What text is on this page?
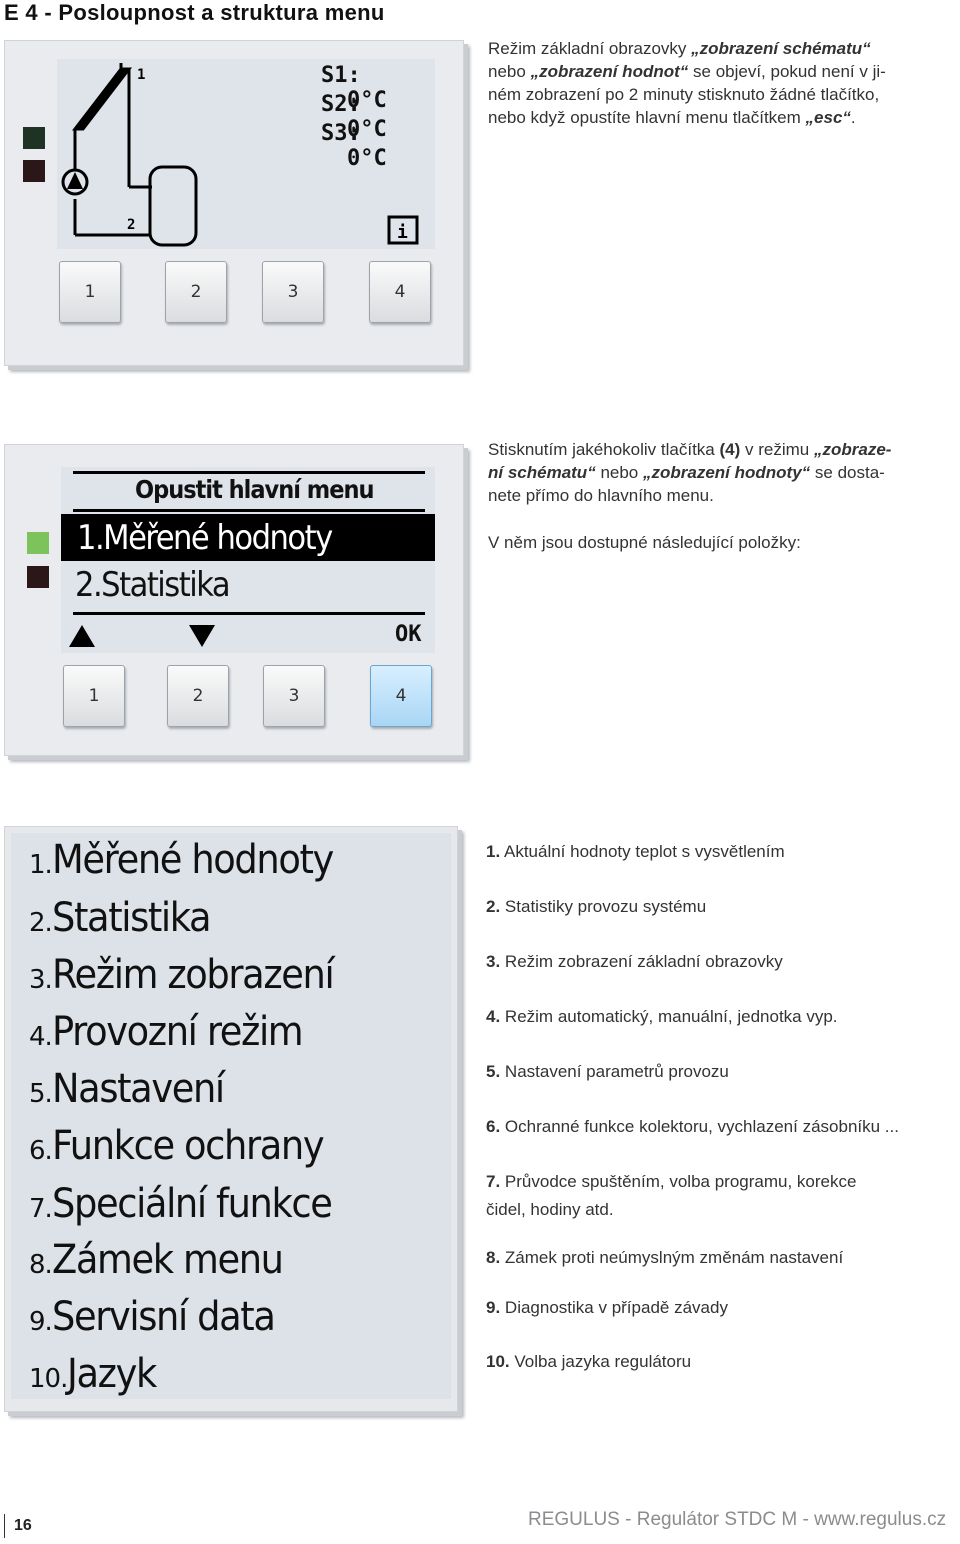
E 4 - Posloupnost a struktura menu
1
2	i
S1: 0°C
S2: 0°C
S3: 0°C
1	2	3	4
Režim základní obrazovky „zobrazení schématu“
nebo „zobrazení hodnot“ se objeví, pokud není v ji-
ném zobrazení po 2 minuty stisknuto žádné tlačítko,
nebo když opustíte hlavní menu tlačítkem „esc“.
Opustit hlavní menu
1.Měřené hodnoty
2.Statistika
OK
1	2	3	4
Stisknutím jakéhokoliv tlačítka (4) v režimu „zobraze-
ní schématu“ nebo „zobrazení hodnoty“ se dosta-
nete přímo do hlavního menu.
V něm jsou dostupné následující položky:
1.Měřené hodnoty
2.Statistika
3.Režim zobrazení
4.Provozní režim
5.Nastavení
6.Funkce ochrany
7.Speciální funkce
8.Zámek menu
9.Servisní data
10.Jazyk
1. Aktuální hodnoty teplot s vysvětlením
2. Statistiky provozu systému
3. Režim zobrazení základní obrazovky
4. Režim automatický, manuální, jednotka vyp.
5. Nastavení parametrů provozu
6. Ochranné funkce kolektoru, vychlazení zásobníku ...
7. Průvodce spuštěním, volba programu, korekce
čidel, hodiny atd.
8. Zámek proti neúmyslným změnám nastavení
9. Diagnostika v případě závady
10. Volba jazyka regulátoru
16	REGULUS - Regulátor STDC M - www.regulus.cz
